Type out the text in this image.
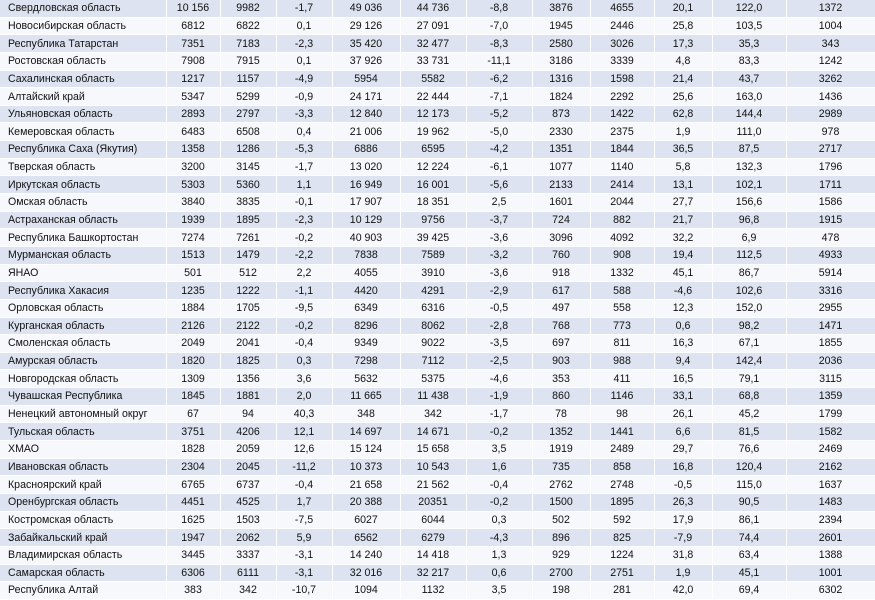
Свердловская область	10 156	9982	-1,7	49 036	44 736	-8,8	3876	4655	20,1	122,0	1372
Новосибирская область	6812	6822	0,1	29 126	27 091	-7,0	1945	2446	25,8	103,5	1004
Республика Татарстан	7351	7183	-2,3	35 420	32 477	-8,3	2580	3026	17,3	35,3	343
Ростовская область	7908	7915	0,1	37 926	33 731	-11,1	3186	3339	4,8	83,3	1242
Сахалинская область	1217	1157	-4,9	5954	5582	-6,2	1316	1598	21,4	43,7	3262
Алтайский край	5347	5299	-0,9	24 171	22 444	-7,1	1824	2292	25,6	163,0	1436
Ульяновская область	2893	2797	-3,3	12 840	12 173	-5,2	873	1422	62,8	144,4	2989
Кемеровская область	6483	6508	0,4	21 006	19 962	-5,0	2330	2375	1,9	111,0	978
Республика Саха (Якутия)	1358	1286	-5,3	6886	6595	-4,2	1351	1844	36,5	87,5	2717
Тверская область	3200	3145	-1,7	13 020	12 224	-6,1	1077	1140	5,8	132,3	1796
Иркутская область	5303	5360	1,1	16 949	16 001	-5,6	2133	2414	13,1	102,1	1711
Омская область	3840	3835	-0,1	17 907	18 351	2,5	1601	2044	27,7	156,6	1586
Астраханская область	1939	1895	-2,3	10 129	9756	-3,7	724	882	21,7	96,8	1915
Республика Башкортостан	7274	7261	-0,2	40 903	39 425	-3,6	3096	4092	32,2	6,9	478
Мурманская область	1513	1479	-2,2	7838	7589	-3,2	760	908	19,4	112,5	4933
ЯНАО	501	512	2,2	4055	3910	-3,6	918	1332	45,1	86,7	5914
Республика Хакасия	1235	1222	-1,1	4420	4291	-2,9	617	588	-4,6	102,6	3316
Орловская область	1884	1705	-9,5	6349	6316	-0,5	497	558	12,3	152,0	2955
Курганская область	2126	2122	-0,2	8296	8062	-2,8	768	773	0,6	98,2	1471
Смоленская область	2049	2041	-0,4	9349	9022	-3,5	697	811	16,3	67,1	1855
Амурская область	1820	1825	0,3	7298	7112	-2,5	903	988	9,4	142,4	2036
Новгородская область	1309	1356	3,6	5632	5375	-4,6	353	411	16,5	79,1	3115
Чувашская Республика	1845	1881	2,0	11 665	11 438	-1,9	860	1146	33,1	68,8	1359
Ненецкий автономный округ	67	94	40,3	348	342	-1,7	78	98	26,1	45,2	1799
Тульская область	3751	4206	12,1	14 697	14 671	-0,2	1352	1441	6,6	81,5	1582
ХМАО	1828	2059	12,6	15 124	15 658	3,5	1919	2489	29,7	76,6	2469
Ивановская область	2304	2045	-11,2	10 373	10 543	1,6	735	858	16,8	120,4	2162
Красноярский край	6765	6737	-0,4	21 658	21 562	-0,4	2762	2748	-0,5	115,0	1637
Оренбургская область	4451	4525	1,7	20 388	20351	-0,2	1500	1895	26,3	90,5	1483
Костромская область	1625	1503	-7,5	6027	6044	0,3	502	592	17,9	86,1	2394
Забайкальский край	1947	2062	5,9	6562	6279	-4,3	896	825	-7,9	74,4	2601
Владимирская область	3445	3337	-3,1	14 240	14 418	1,3	929	1224	31,8	63,4	1388
Самарская область	6306	6111	-3,1	32 016	32 217	0,6	2700	2751	1,9	45,1	1001
Республика Алтай	383	342	-10,7	1094	1132	3,5	198	281	42,0	69,4	6302
